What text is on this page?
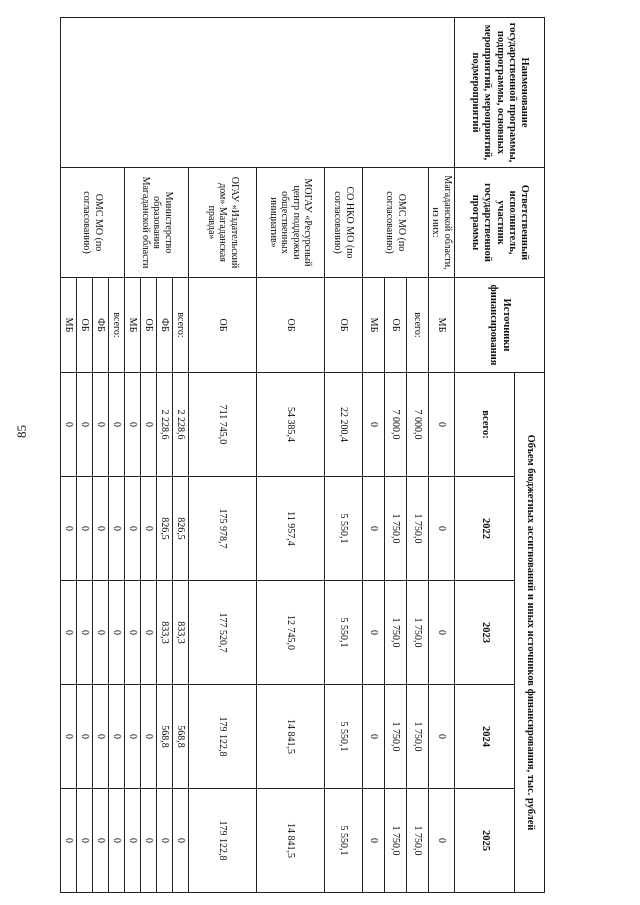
85
Наименование государственной программы, подпрограммы, основных мероприятий, мероприятий, подмероприятий	Ответственный исполнитель, участник государственной программы	Источники финансирования	Объем бюджетных ассигнований и иных источников финансирования, тыс. рублей				
			всего:	2022	2023	2024	2025
	Магаданской области, из них:	МБ	0	0	0	0	0
	ОМС МО (по согласованию)	всего:	7 000,0	1 750,0	1 750,0	1 750,0	1 750,0
		ОБ	7 000,0	1 750,0	1 750,0	1 750,0	1 750,0
		МБ	0	0	0	0	0
	СО НКО МО (по согласованию)	ОБ	22 200,4	5 550,1	5 550,1	5 550,1	5 550,1
	МОГАУ «Ресурсный центр поддержки общественных инициатив»	ОБ	54 385,4	11 957,4	12 745,0	14 841,5	14 841,5
	ОГАУ «Издательский дом» Магаданская правда»	ОБ	711 745,0	175 978,7	177 520,7	179 122,8	179 122,8
	Министерство образования Магаданской области	всего:	2 228,6	826,5	833,3	568,8	0
		ФБ	2 228,6	826,5	833,3	568,8	0
		ОБ	0	0	0	0	0
		МБ	0	0	0	0	0
	ОМС МО (по согласованию)	всего:	0	0	0	0	0
		ФБ	0	0	0	0	0
		ОБ	0	0	0	0	0
		МБ	0	0	0	0	0
